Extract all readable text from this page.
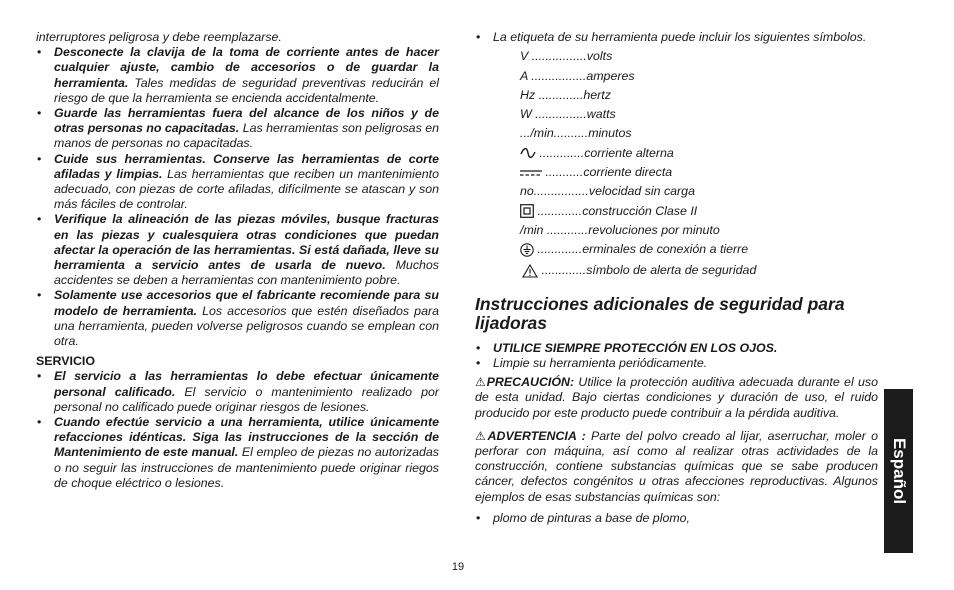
interruptores peligrosa y debe reemplazarse.

• Desconecte la clavija de la toma de corriente antes de hacer cualquier ajuste, cambio de accesorios o de guardar la herramienta. Tales medidas de seguridad preventivas reducirán el riesgo de que la herramienta se encienda accidentalmente.

• Guarde las herramientas fuera del alcance de los niños y de otras personas no capacitadas. Las herramientas son peligrosas en manos de personas no capacitadas.

• Cuide sus herramientas. Conserve las herramientas de corte afiladas y limpias. Las herramientas que reciben un mantenimiento adecuado, con piezas de corte afiladas, difícilmente se atascan y son más fáciles de controlar.

• Verifique la alineación de las piezas móviles, busque fracturas en las piezas y cualesquiera otras condiciones que puedan afectar la operación de las herramientas. Si está dañada, lleve su herramienta a servicio antes de usarla de nuevo. Muchos accidentes se deben a herramientas con mantenimiento pobre.

• Solamente use accesorios que el fabricante recomiende para su modelo de herramienta. Los accesorios que estén diseñados para una herramienta, pueden volverse peligrosos cuando se emplean con otra.

SERVICIO

• El servicio a las herramientas lo debe efectuar únicamente personal calificado. El servicio o mantenimiento realizado por personal no calificado puede originar riesgos de lesiones.

• Cuando efectúe servicio a una herramienta, utilice únicamente refacciones idénticas. Siga las instrucciones de la sección de Mantenimiento de este manual. El empleo de piezas no autorizadas o no seguir las instrucciones de mantenimiento puede originar riegos de choque eléctrico o lesiones.

• La etiqueta de su herramienta puede incluir los siguientes símbolos.

V ................volts
A ................amperes
Hz .............hertz
W ...............watts
.../min..........minutos
.............corriente alterna
...........corriente directa
no................velocidad sin carga
.............construcción Clase II
/min ............revoluciones por minuto
.............erminales de conexión a tierre
.............símbolo de alerta de seguridad

Instrucciones adicionales de seguridad para lijadoras

• UTILICE SIEMPRE PROTECCIÓN EN LOS OJOS.

• Limpie su herramienta periódicamente.

⚠PRECAUCIÓN: Utilice la protección auditiva adecuada durante el uso de esta unidad. Bajo ciertas condiciones y duración de uso, el ruido producido por este producto puede contribuir a la pérdida auditiva.

⚠ADVERTENCIA : Parte del polvo creado al lijar, aserruchar, moler o perforar con máquina, así como al realizar otras actividades de la construcción, contiene substancias químicas que se sabe producen cáncer, defectos congénitos u otras afecciones reproductivas. Algunos ejemplos de esas substancias químicas son:

• plomo de pinturas a base de plomo,

Español
19
